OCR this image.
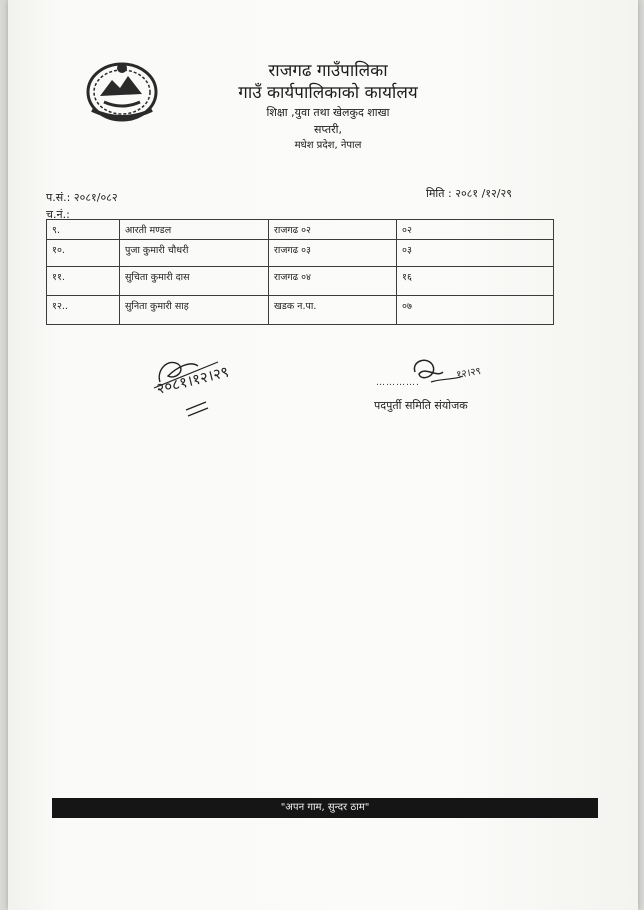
राजगढ गाउँपालिका
गाउँ कार्यपालिकाको कार्यालय
शिक्षा ,युवा तथा खेलकुद शाखा
सप्तरी,
मधेश प्रदेश, नेपाल
प.सं.: २०८१/०८२
च.नं.:
मिति : २०८१ /१२/२९
९.	आरती मण्डल	राजगढ ०२	०२
१०.	पुजा कुमारी चौधरी	राजगढ ०३	०३
११.	सुचिता कुमारी दास	राजगढ ०४	१६
१२..	सुनिता कुमारी साह	खडक न.पा.	०७
२०८१।१२।२९	१२।२९
………….
पदपुर्ती समिति संयोजक
"अपन गाम, सुन्दर ठाम"
